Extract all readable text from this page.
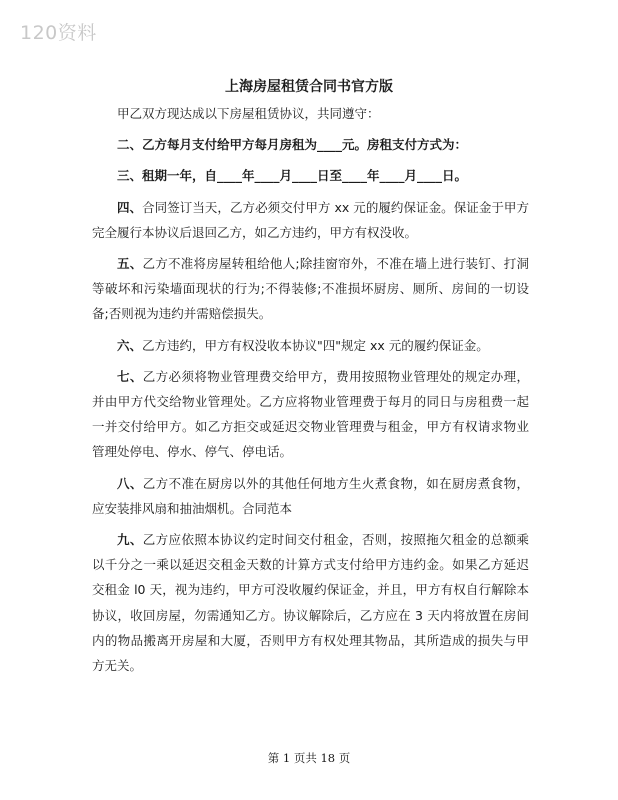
120资料
上海房屋租赁合同书官方版

甲乙双方现达成以下房屋租赁协议，共同遵守：

二、乙方每月支付给甲方每月房租为____元。房租支付方式为：

三、租期一年，自____年____月____日至____年____月____日。

四、合同签订当天，乙方必须交付甲方 xx 元的履约保证金。保证金于甲方完全履行本协议后退回乙方，如乙方违约，甲方有权没收。

五、乙方不准将房屋转租给他人;除挂窗帘外，不准在墙上进行装钉、打洞等破坏和污染墙面现状的行为;不得装修;不准损坏厨房、厕所、房间的一切设备;否则视为违约并需赔偿损失。

六、乙方违约，甲方有权没收本协议"四"规定 xx 元的履约保证金。

七、乙方必须将物业管理费交给甲方，费用按照物业管理处的规定办理，并由甲方代交给物业管理处。乙方应将物业管理费于每月的同日与房租费一起一并交付给甲方。如乙方拒交或延迟交物业管理费与租金，甲方有权请求物业管理处停电、停水、停气、停电话。

八、乙方不准在厨房以外的其他任何地方生火煮食物，如在厨房煮食物，应安装排风扇和抽油烟机。合同范本

九、乙方应依照本协议约定时间交付租金，否则，按照拖欠租金的总额乘以千分之一乘以延迟交租金天数的计算方式支付给甲方违约金。如果乙方延迟交租金 l0 天，视为违约，甲方可没收履约保证金，并且，甲方有权自行解除本协议，收回房屋，勿需通知乙方。协议解除后，乙方应在 3 天内将放置在房间内的物品搬离开房屋和大厦，否则甲方有权处理其物品，其所造成的损失与甲方无关。

第 1 页共 18 页
